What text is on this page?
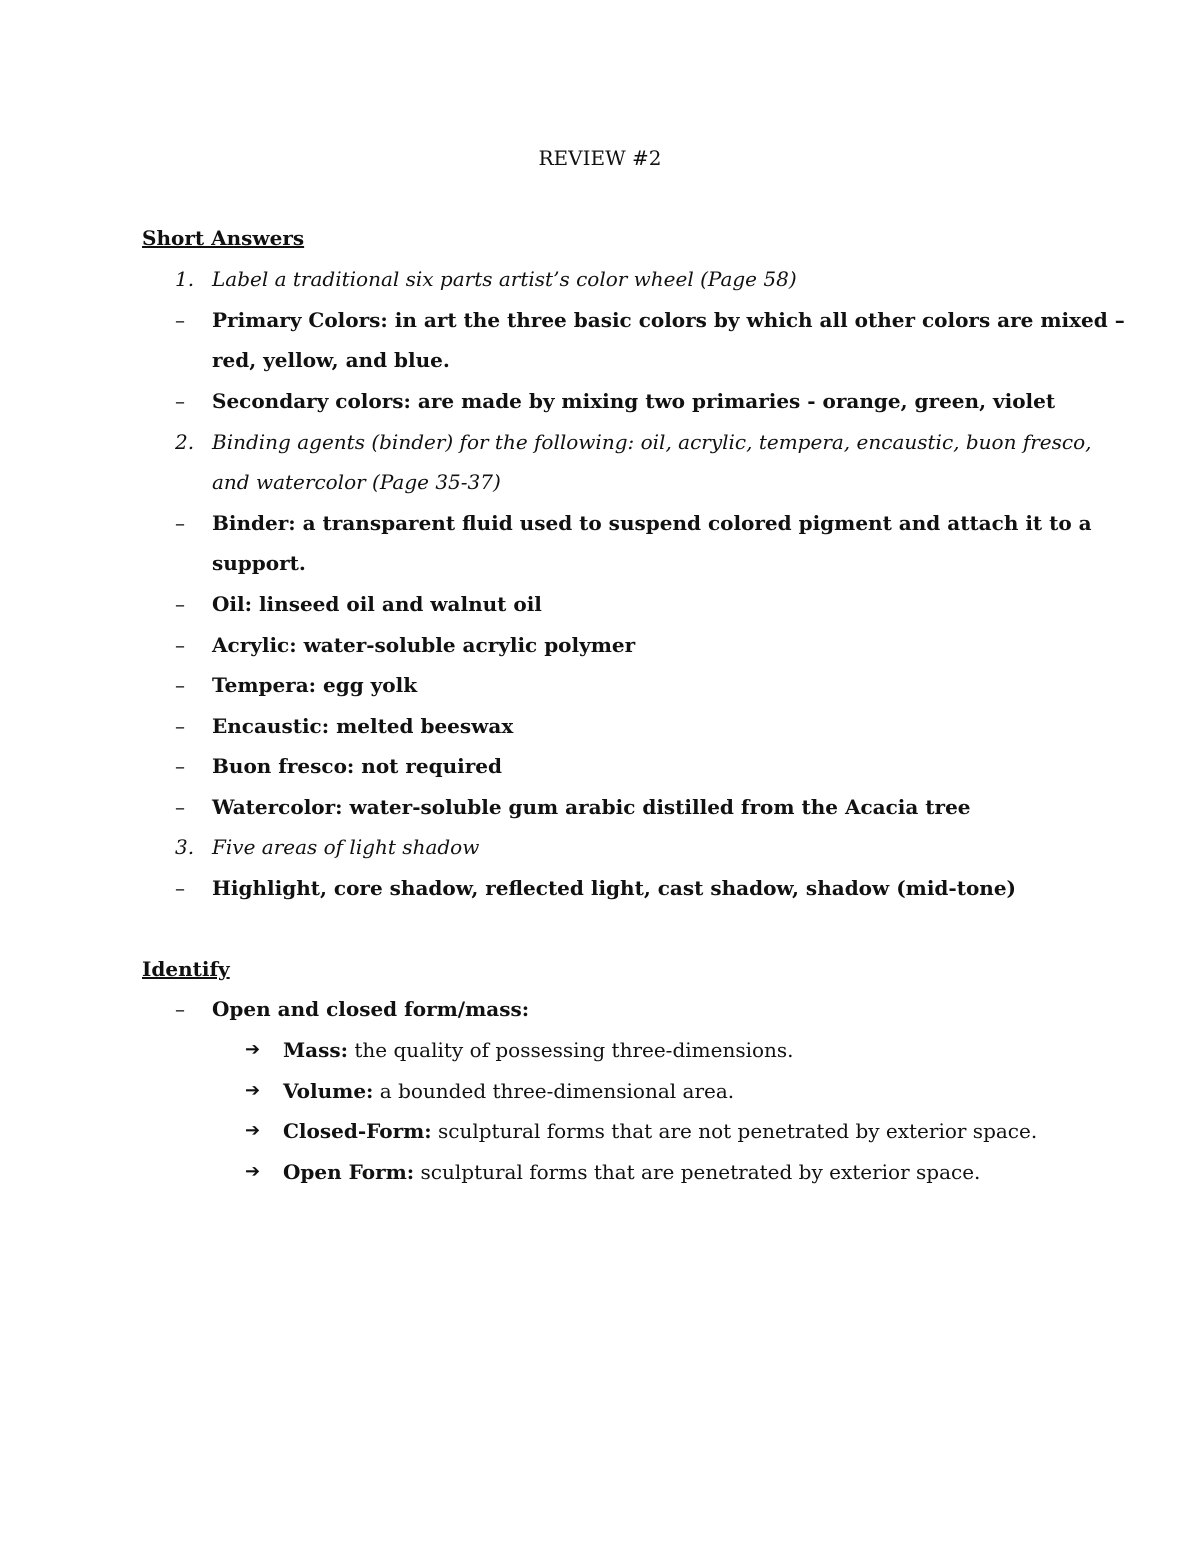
REVIEW #2
Short Answers
1. Label a traditional six parts artist’s color wheel (Page 58)
– Primary Colors: in art the three basic colors by which all other colors are mixed –
red, yellow, and blue.
– Secondary colors: are made by mixing two primaries - orange, green, violet
2. Binding agents (binder) for the following: oil, acrylic, tempera, encaustic, buon fresco,
and watercolor (Page 35-37)
– Binder: a transparent fluid used to suspend colored pigment and attach it to a
support.
– Oil: linseed oil and walnut oil
– Acrylic: water-soluble acrylic polymer
– Tempera: egg yolk
– Encaustic: melted beeswax
– Buon fresco: not required
– Watercolor: water-soluble gum arabic distilled from the Acacia tree
3. Five areas of light shadow
– Highlight, core shadow, reflected light, cast shadow, shadow (mid-tone)
Identify
– Open and closed form/mass:
➔ Mass: the quality of possessing three-dimensions.
➔ Volume: a bounded three-dimensional area.
➔ Closed-Form: sculptural forms that are not penetrated by exterior space.
➔ Open Form: sculptural forms that are penetrated by exterior space.
